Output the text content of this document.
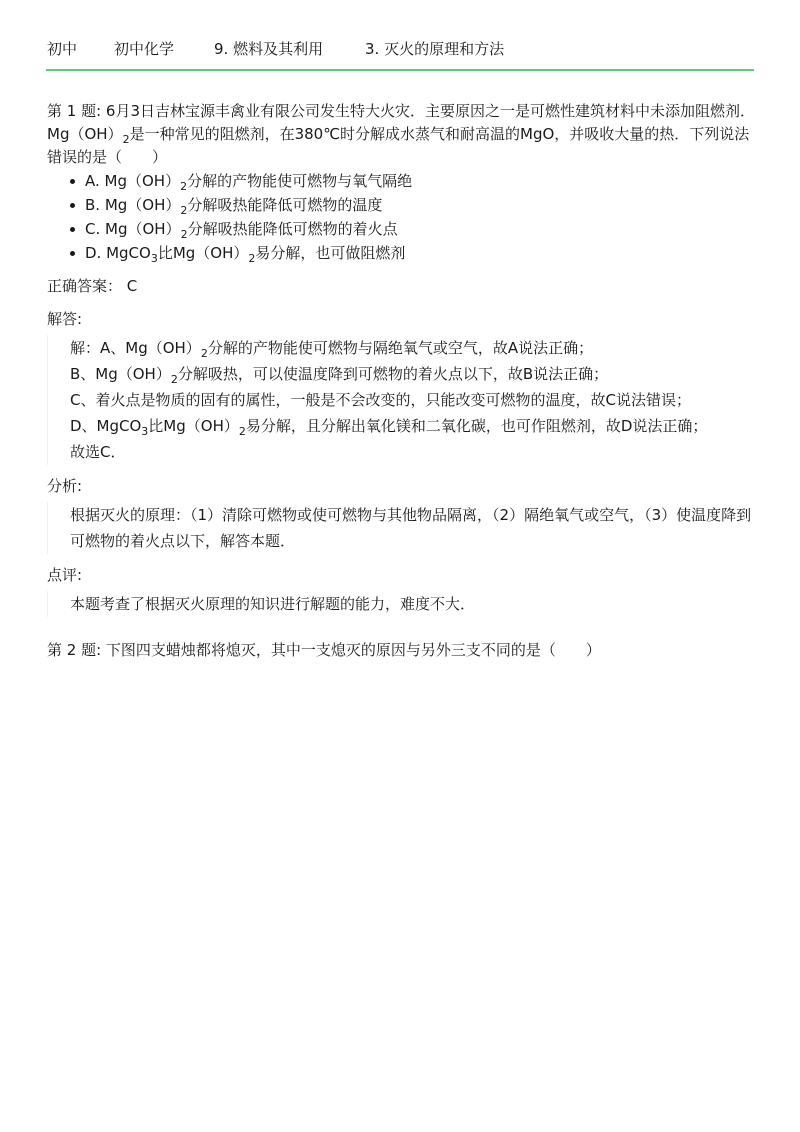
初中 初中化学	9. 燃料及其利用	3. 灭火的原理和方法

第 1 题: 6月3日吉林宝源丰禽业有限公司发生特大火灾．主要原因之一是可燃性建筑材料中未添加阻燃剂．$Mg(OH)_2$是一种常见的阻燃剂，在380℃时分解成水蒸气和耐高温的MgO，并吸收大量的热．下列说法错误的是（　　）

A. $Mg(OH)_2$分解的产物能使可燃物与氧气隔绝
B. $Mg(OH)_2$分解吸热能降低可燃物的温度
C. $Mg(OH)_2$分解吸热能降低可燃物的着火点
D. MgCO$_3$比$Mg(OH)_2$易分解，也可做阻燃剂
正确答案： C
解答:

解：A、$Mg(OH)_2$分解的产物能使可燃物与隔绝氧气或空气，故A说法正确；

B、$Mg(OH)_2$分解吸热，可以使温度降到可燃物的着火点以下，故B说法正确；

C、着火点是物质的固有的属性，一般是不会改变的，只能改变可燃物的温度，故C说法错误；

D、MgCO$_3$比$Mg(OH)_2$易分解，且分解出氧化镁和二氧化碳，也可作阻燃剂，故D说法正确；

故选C．

分析:

根据灭火的原理：（1）清除可燃物或使可燃物与其他物品隔离，（2）隔绝氧气或空气，（3）使温度降到可燃物的着火点以下，解答本题．

点评:

本题考查了根据灭火原理的知识进行解题的能力，难度不大．

第 2 题: 下图四支蜡烛都将熄灭，其中一支熄灭的原因与另外三支不同的是（　　）
